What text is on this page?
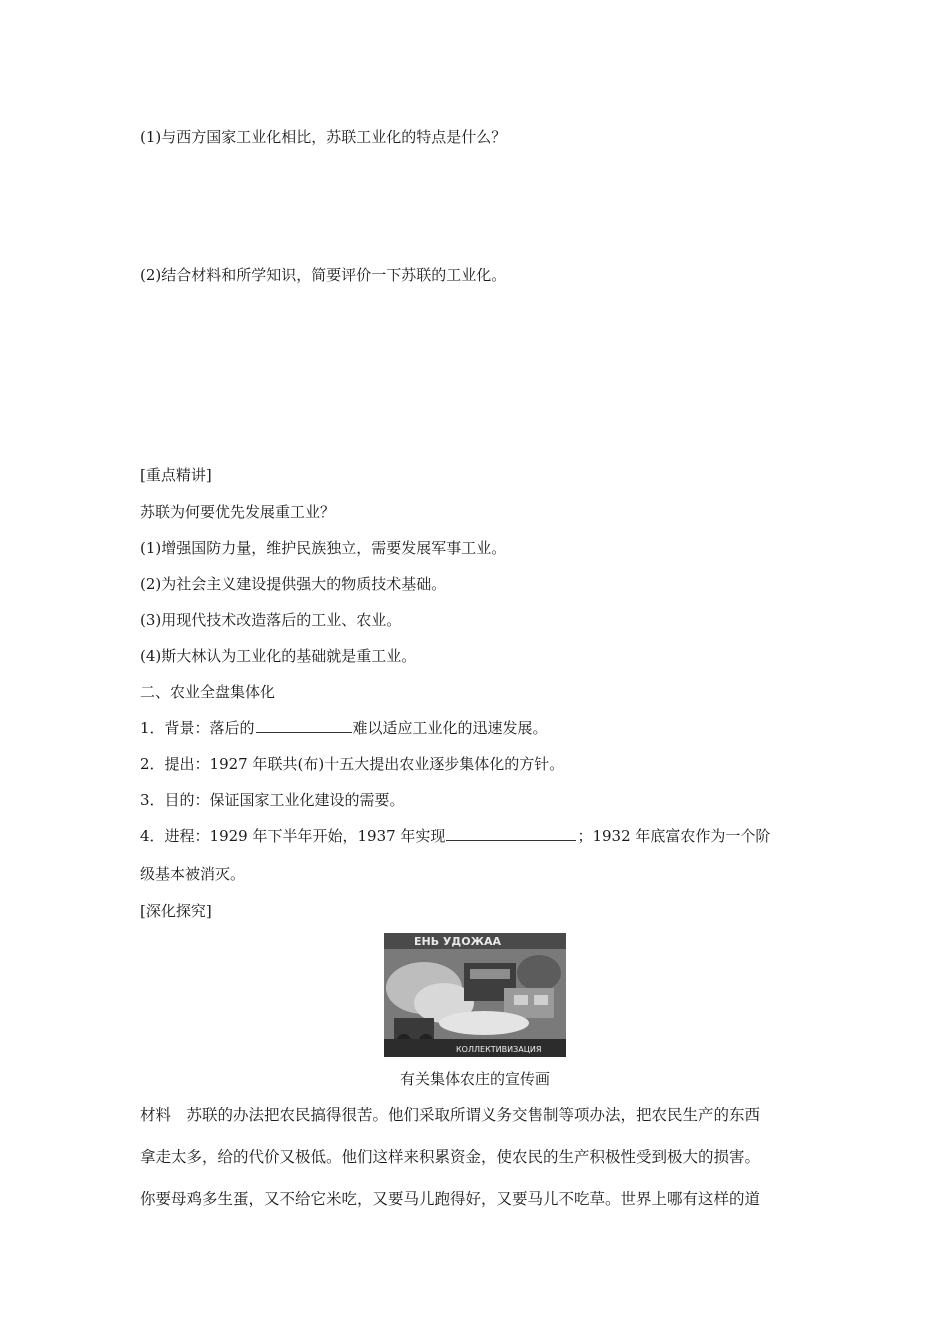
(1)与西方国家工业化相比，苏联工业化的特点是什么？
(2)结合材料和所学知识，简要评价一下苏联的工业化。
[重点精讲]
苏联为何要优先发展重工业？
(1)增强国防力量，维护民族独立，需要发展军事工业。
(2)为社会主义建设提供强大的物质技术基础。
(3)用现代技术改造落后的工业、农业。
(4)斯大林认为工业化的基础就是重工业。
二、农业全盘集体化
1．背景：落后的	难以适应工业化的迅速发展。
2．提出：1927 年联共(布)十五大提出农业逐步集体化的方针。
3．目的：保证国家工业化建设的需要。
4．进程：1929 年下半年开始，1937 年实现	；1932 年底富农作为一个阶
级基本被消灭。
[深化探究]
ЕНЬ УДОЖАА
КОЛЛЕКТИВИЗАЦИЯ
有关集体农庄的宣传画
材料　苏联的办法把农民搞得很苦。他们采取所谓义务交售制等项办法，把农民生产的东西
拿走太多，给的代价又极低。他们这样来积累资金，使农民的生产积极性受到极大的损害。
你要母鸡多生蛋，又不给它米吃，又要马儿跑得好，又要马儿不吃草。世界上哪有这样的道
